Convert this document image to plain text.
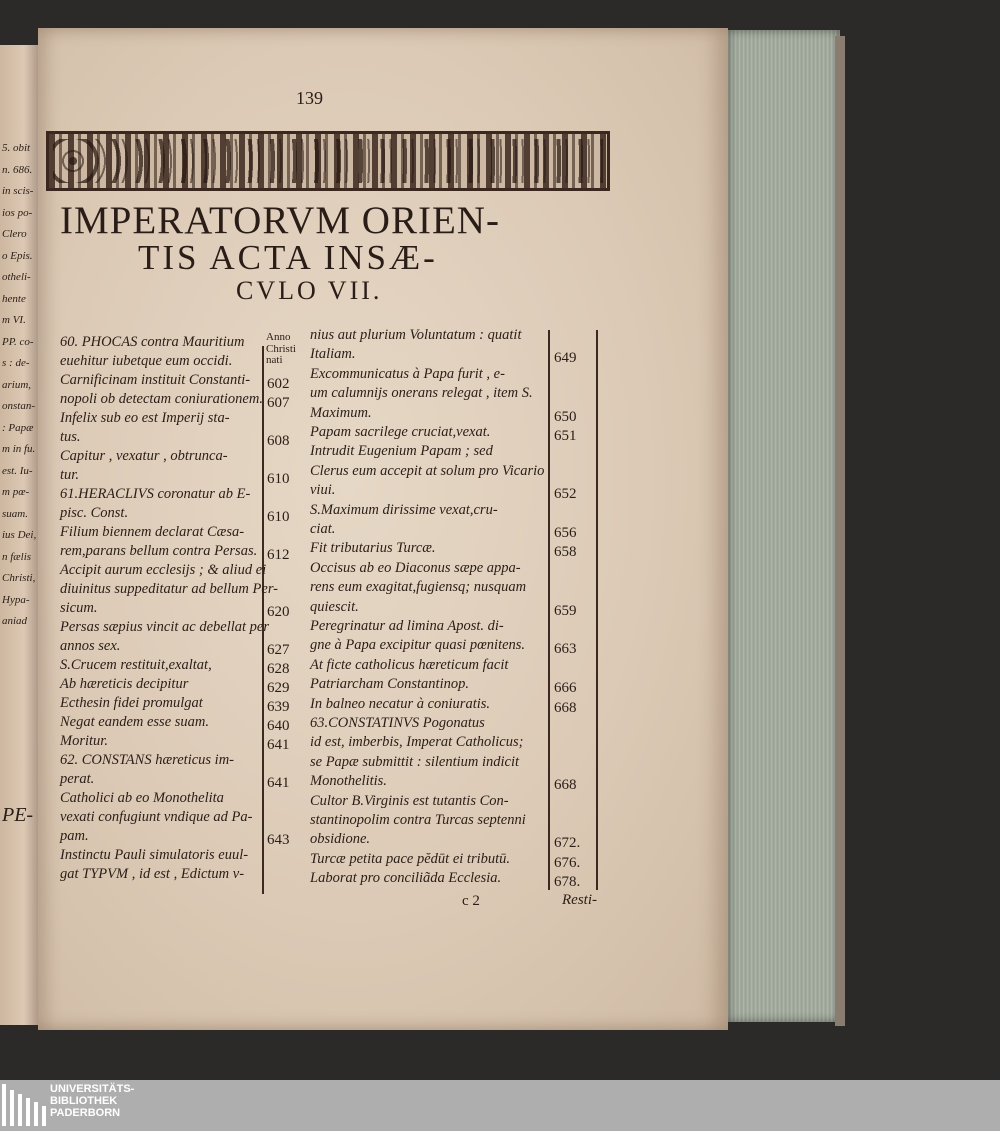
139
IMPERATORVM ORIEN-
TIS ACTA INSÆ-
CVLO VII.
Anno
Christi
nati
60. PHOCAS contra Mauritium
euehitur iubetque eum occidi.
Carnificinam instituit Constanti- 602
nopoli ob detectam coniurationem. 607
Infelix sub eo est Imperij sta-
tus.	608
Capitur , vexatur , obtrunca-
tur.	610
61.HERACLIVS coronatur ab E-
pisc. Const.	610
Filium biennem declarat Cæsa-
rem,parans bellum contra Persas. 612
Accipit aurum ecclesijs ; & aliud ei
diuinitus suppeditatur ad bellum Per-
sicum.	620
Persas sæpius vincit ac debellat per
annos sex.	627
S.Crucem restituit,exaltat,	628
Ab hæreticis decipitur	629
Ecthesin fidei promulgat	639
Negat eandem esse suam.	640
Moritur.	641
62. CONSTANS hæreticus im-
perat.	641
Catholici ab eo Monothelita
vexati confugiunt vndique ad Pa-
pam.	643
Instinctu Pauli simulatoris euul-
gat TYPVM , id est , Edictum v-
nius aut plurium Voluntatum : quatit
Italiam.	649
Excommunicatus à Papa furit , e-
um calumnijs onerans relegat , item S.
Maximum.	650
Papam sacrilege cruciat,vexat.	651
Intrudit Eugenium Papam ; sed
Clerus eum accepit at solum pro Vicario
viui.	652
S.Maximum dirissime vexat,cru-
ciat.	656
Fit tributarius Turcæ.	658
Occisus ab eo Diaconus sæpe appa-
rens eum exagitat,fugiensq; nusquam
quiescit.	659
Peregrinatur ad limina Apost. di-
gne à Papa excipitur quasi pœnitens. 663
At ficte catholicus hæreticum facit
Patriarcham Constantinop.	666
In balneo necatur à coniuratis.	668
63.CONSTATINVS Pogonatus
id est, imberbis, Imperat Catholicus;
se Papæ submittit : silentium indicit
Monothelitis.	668
Cultor B.Virginis est tutantis Con-
stantinopolim contra Turcas septenni
obsidione.	672.
Turcæ petita pace pĕdūt ei tributū.	676.
Laborat pro conciliãda Ecclesia.	678.
5. obit
n. 686.
in scis-
ios po-
Clero
o Epis.
otheli-
hente
m VI.
PP. co-
s : de-
arium,
onstan-
: Papæ
m in fu.
est. Iu-
m pœ-
suam.
ius Dei,
n fælis
Christi,
Hypa-
aniad
PE-
c 2	Resti-
UNIVERSITÄTS-
BIBLIOTHEK
PADERBORN
